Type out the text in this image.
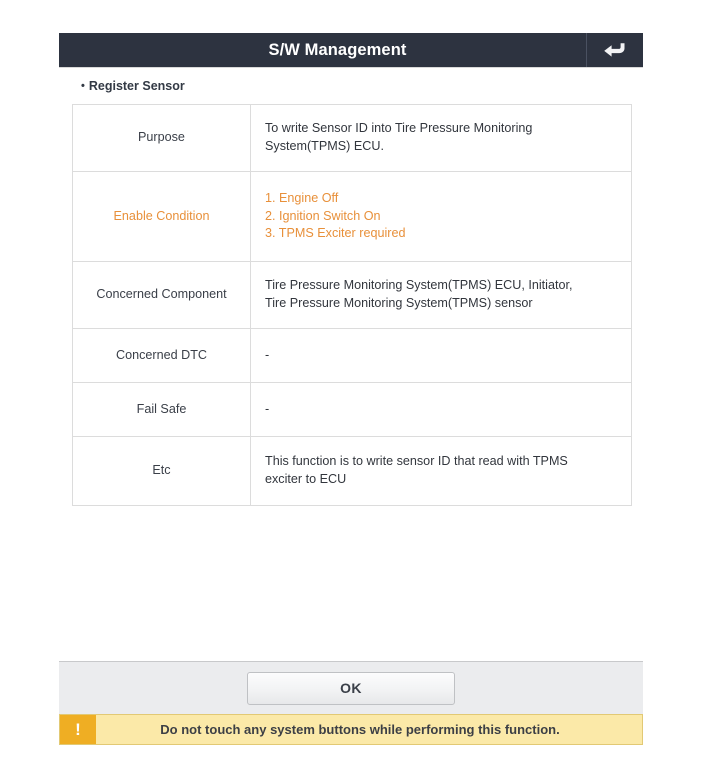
S/W Management
• Register Sensor
Purpose	To write Sensor ID into Tire Pressure Monitoring
System(TPMS) ECU.

Enable Condition	1. Engine Off
2. Ignition Switch On
3. TPMS Exciter required

Concerned Component	Tire Pressure Monitoring System(TPMS) ECU, Initiator,
Tire Pressure Monitoring System(TPMS) sensor

Concerned DTC	-

Fail Safe	-

Etc	This function is to write sensor ID that read with TPMS
exciter to ECU
OK
!	Do not touch any system buttons while performing this function.
